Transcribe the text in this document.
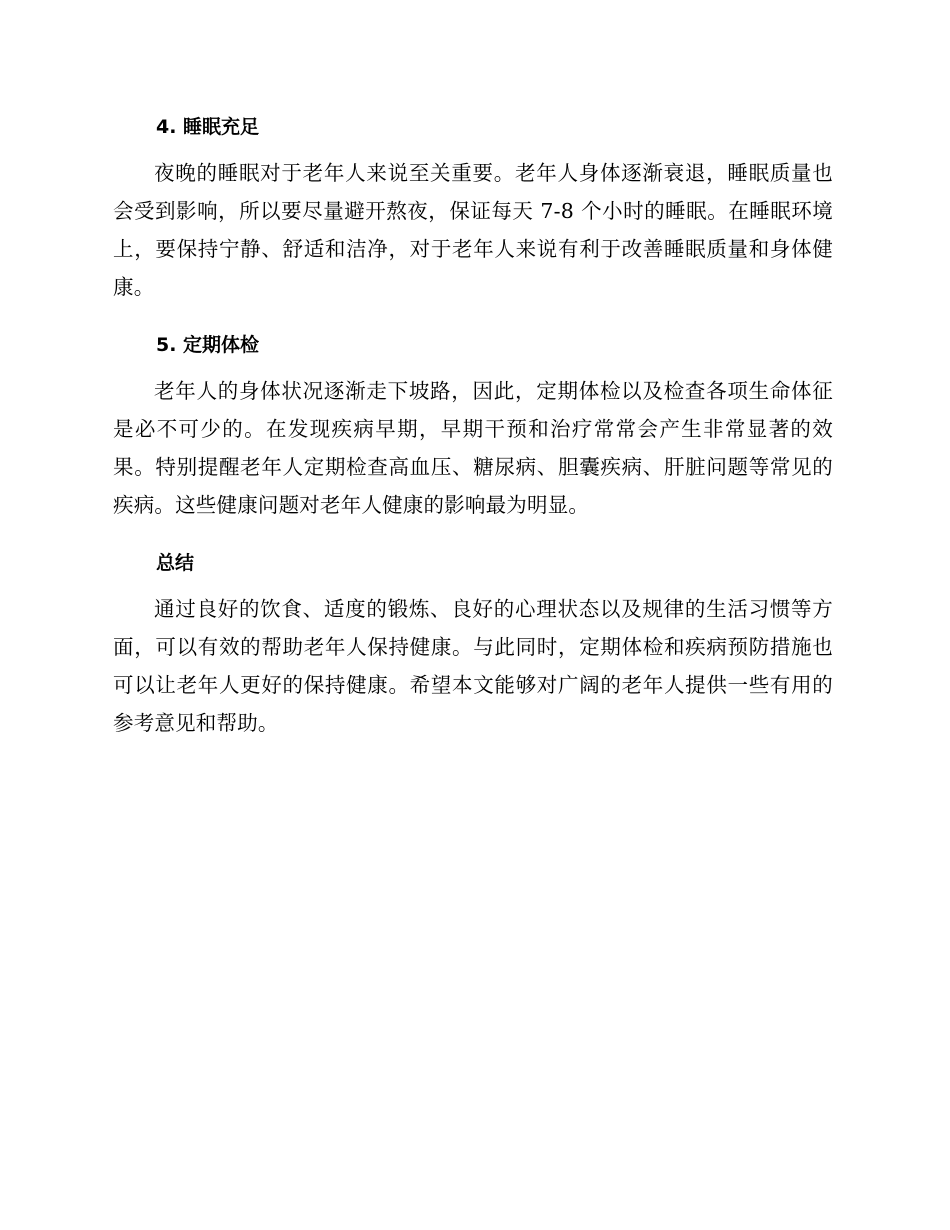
4. 睡眠充足

夜晚的睡眠对于老年人来说至关重要。老年人身体逐渐衰退，睡眠质量也会受到影响，所以要尽量避开熬夜，保证每天 7-8 个小时的睡眠。在睡眠环境上，要保持宁静、舒适和洁净，对于老年人来说有利于改善睡眠质量和身体健康。

5. 定期体检

老年人的身体状况逐渐走下坡路，因此，定期体检以及检查各项生命体征是必不可少的。在发现疾病早期，早期干预和治疗常常会产生非常显著的效果。特别提醒老年人定期检查高血压、糖尿病、胆囊疾病、肝脏问题等常见的疾病。这些健康问题对老年人健康的影响最为明显。

总结

通过良好的饮食、适度的锻炼、良好的心理状态以及规律的生活习惯等方面，可以有效的帮助老年人保持健康。与此同时，定期体检和疾病预防措施也可以让老年人更好的保持健康。希望本文能够对广阔的老年人提供一些有用的参考意见和帮助。
